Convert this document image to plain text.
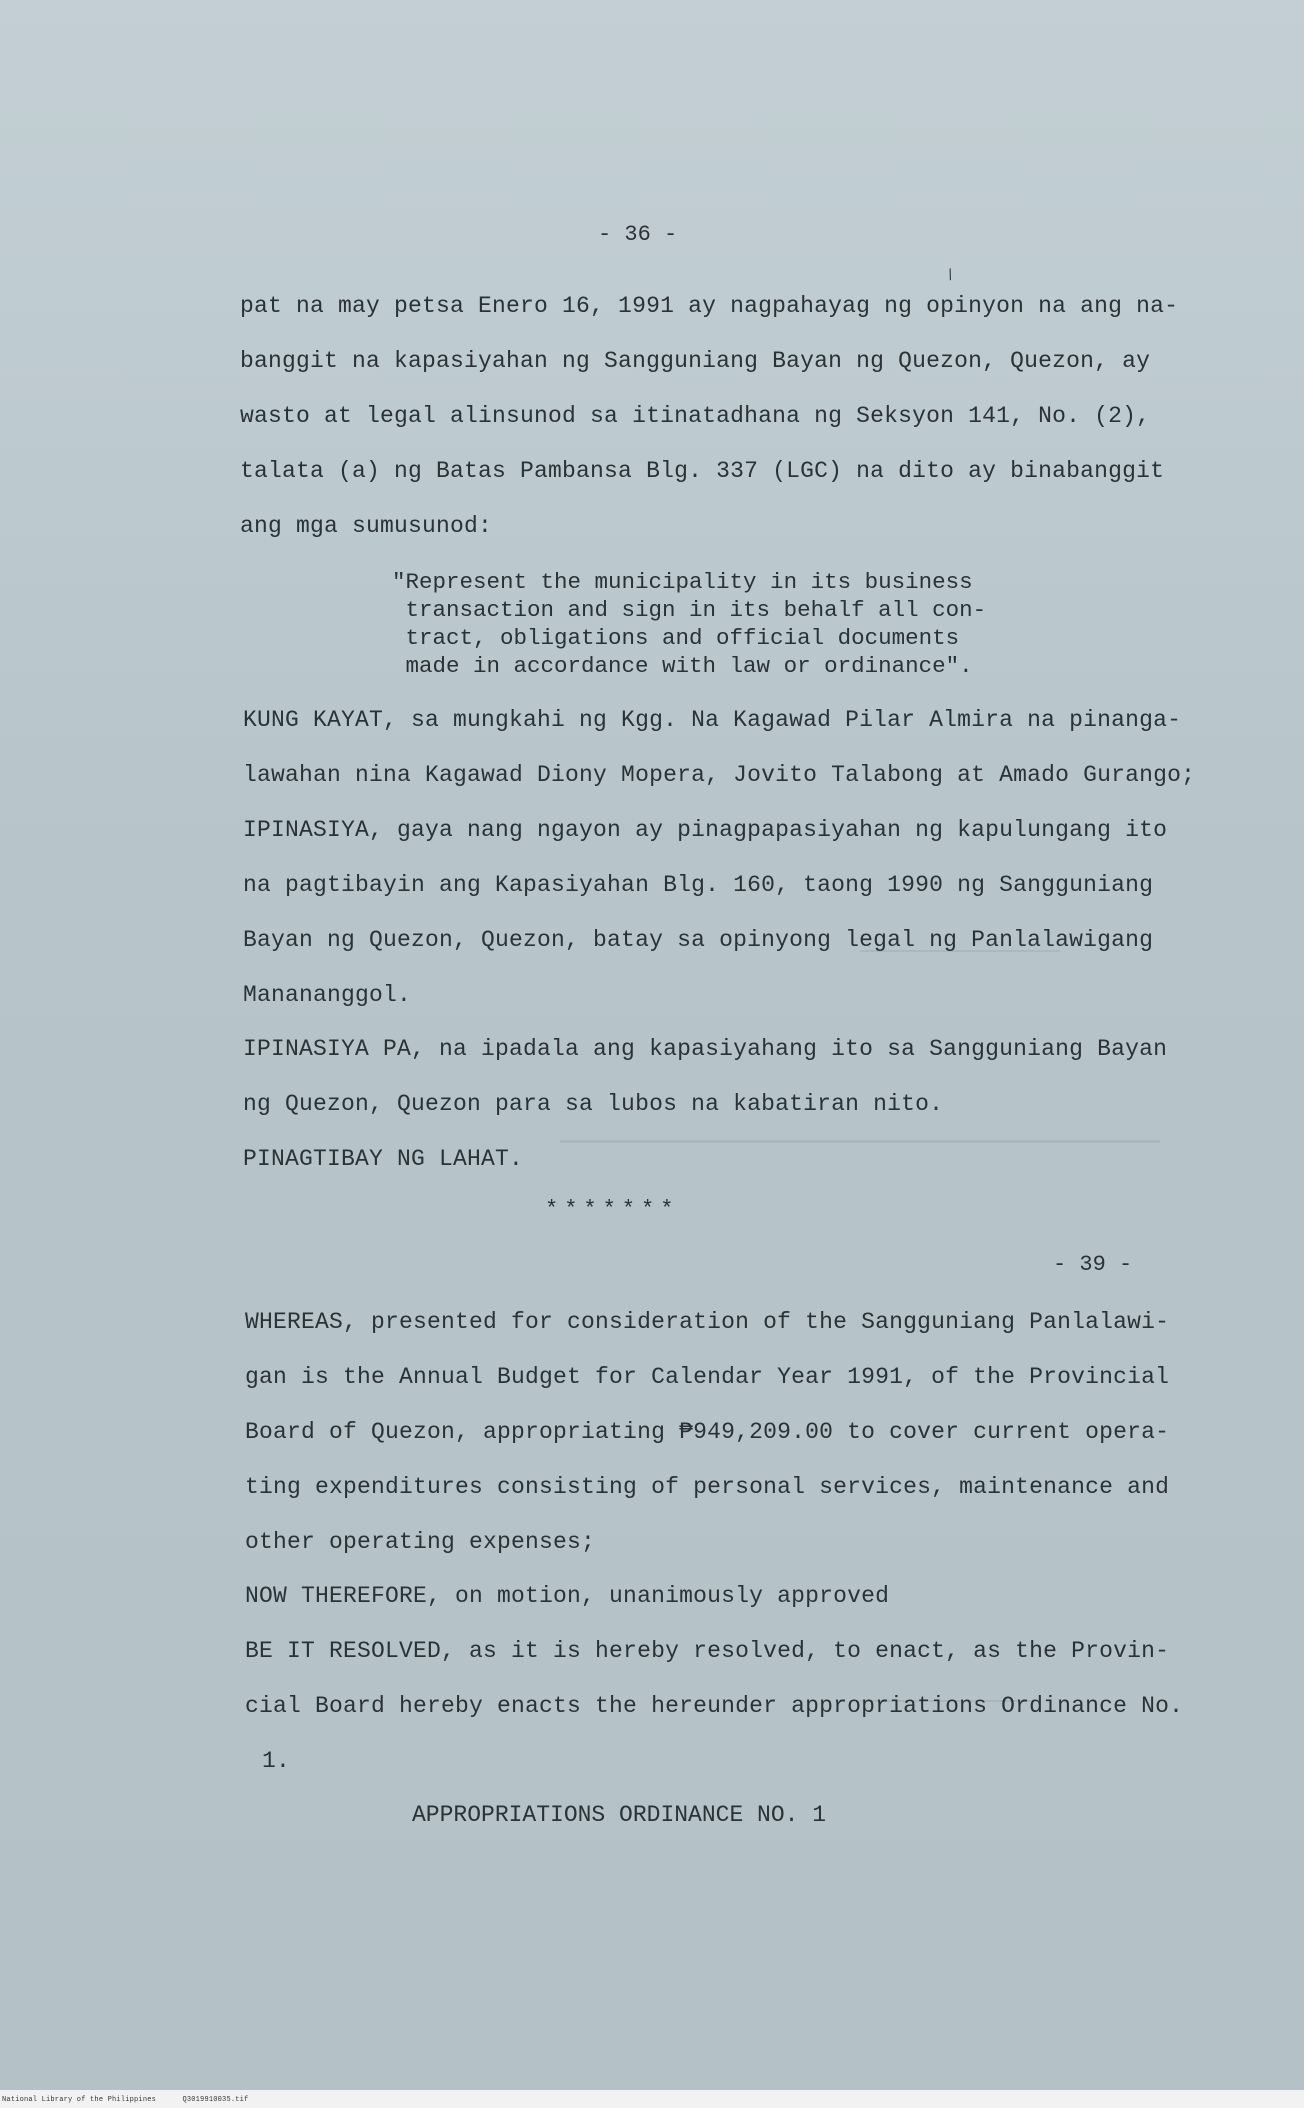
- 36 -
/
pat na may petsa Enero 16, 1991 ay nagpahayag ng opinyon na ang na-
banggit na kapasiyahan ng Sangguniang Bayan ng Quezon, Quezon, ay
wasto at legal alinsunod sa itinatadhana ng Seksyon 141, No. (2),
talata (a) ng Batas Pambansa Blg. 337 (LGC) na dito ay binabanggit
ang mga sumusunod:
"Represent the municipality in its business
transaction and sign in its behalf all con-
tract, obligations and official documents
made in accordance with law or ordinance".
KUNG KAYAT, sa mungkahi ng Kgg. Na Kagawad Pilar Almira na pinanga-
lawahan nina Kagawad Diony Mopera, Jovito Talabong at Amado Gurango;
IPINASIYA, gaya nang ngayon ay pinagpapasiyahan ng kapulungang ito
na pagtibayin ang Kapasiyahan Blg. 160, taong 1990 ng Sangguniang
Bayan ng Quezon, Quezon, batay sa opinyong legal ng Panlalawigang
Manananggol.
IPINASIYA PA, na ipadala ang kapasiyahang ito sa Sangguniang Bayan
ng Quezon, Quezon para sa lubos na kabatiran nito.
PINAGTIBAY NG LAHAT.
*******
- 39 -
WHEREAS, presented for consideration of the Sangguniang Panlalawi-
gan is the Annual Budget for Calendar Year 1991, of the Provincial
Board of Quezon, appropriating ₱949,209.00 to cover current opera-
ting expenditures consisting of personal services, maintenance and
other operating expenses;
NOW THEREFORE, on motion, unanimously approved
BE IT RESOLVED, as it is hereby resolved, to enact, as the Provin-
cial Board hereby enacts the hereunder appropriations Ordinance No.
1.
APPROPRIATIONS ORDINANCE NO. 1
National Library of the Philippines	Q3019910035.tif
